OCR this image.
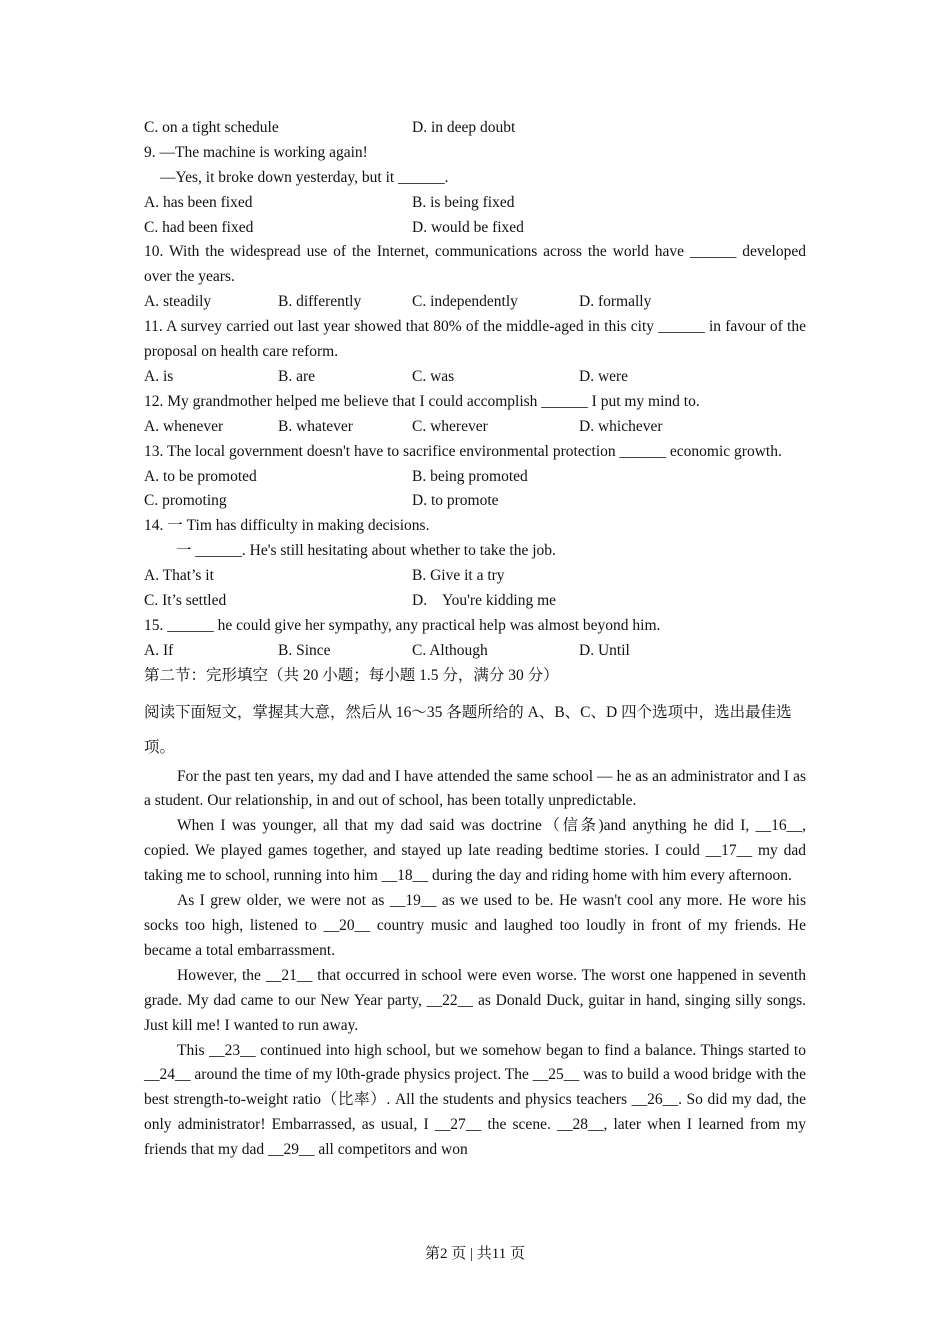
C. on a tight schedule	D. in deep doubt
9. —The machine is working again!
—Yes, it broke down yesterday, but it ______.
A. has been fixed	B. is being fixed
C. had been fixed	D. would be fixed
10. With the widespread use of the Internet, communications across the world have ______ developed over the years.
A. steadily	B. differently	C. independently	D. formally
11. A survey carried out last year showed that 80% of the middle-aged in this city ______ in favour of the proposal on health care reform.
A. is	B. are	C. was	D. were
12. My grandmother helped me believe that I could accomplish ______ I put my mind to.
A. whenever	B. whatever	C. wherever	D. whichever
13. The local government doesn't have to sacrifice environmental protection ______ economic growth.
A. to be promoted	B. being promoted
C. promoting	D. to promote
14. 一 Tim has difficulty in making decisions.
一 ______. He's still hesitating about whether to take the job.
A. That’s it	B. Give it a try
C. It’s settled	D.    You're kidding me
15. ______ he could give her sympathy, any practical help was almost beyond him.
A. If	B. Since	C. Although	D. Until
第二节：完形填空（共 20 小题；每小题 1.5 分，满分 30 分）
阅读下面短文，掌握其大意，然后从 16～35 各题所给的 A、B、C、D 四个选项中，选出最佳选项。
For the past ten years, my dad and I have attended the same school — he as an administrator and I as a student. Our relationship, in and out of school, has been totally unpredictable.
When I was younger, all that my dad said was doctrine（信条)and anything he did I, __16__, copied. We played games together, and stayed up late reading bedtime stories. I could __17__ my dad taking me to school, running into him __18__ during the day and riding home with him every afternoon.
As I grew older, we were not as __19__ as we used to be. He wasn't cool any more. He wore his socks too high, listened to __20__ country music and laughed too loudly in front of my friends. He became a total embarrassment.
However, the __21__ that occurred in school were even worse. The worst one happened in seventh grade. My dad came to our New Year party, __22__ as Donald Duck, guitar in hand, singing silly songs. Just kill me! I wanted to run away.
This __23__ continued into high school, but we somehow began to find a balance. Things started to __24__ around the time of my l0th-grade physics project. The __25__ was to build a wood bridge with the best strength-to-weight ratio（比率）. All the students and physics teachers __26__. So did my dad, the only administrator! Embarrassed, as usual, I __27__ the scene. __28__, later when I learned from my friends that my dad __29__ all competitors and won
第2 页 | 共11 页
